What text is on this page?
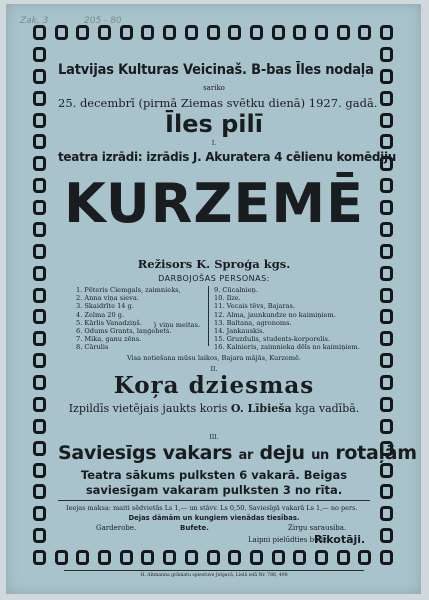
Zak. 3	205 - 80
Latvijas Kulturas Veicinaš. B-bas Īles nodaļa
sariko
25. decembrī (pirmā Ziemas svētku dienā) 1927. gadā.
Īles pilī
I.
teatra izrādi: izrādis J. Akuratera 4 cēlienu komēdiju
KURZEMĒ
Režisors K. Sproģa kgs.
DARBOJOŠAS PERSONAS:
1. Pēteris Ciemgals, zaimnieks,
2. Anna viņa sieva.
3. Skaidrīte 14 g.
4. Zelma 20 g.
5. Kārlis Vanadziņš.
6. Odums Grants, laņģebets.
7. Mika, ganu zēns.
8. Cārulis
} viņu meitas.
9. Cūcalnieņ.
10. Ilze.
11. Vecais tēvs, Bajaras.
12. Alma, jaunkundze no kaimiņiem.
13. Baltana, agronoms.
14. Jankauskis.
15. Gruzdulis, students-korporelis.
16. Kalnieris, zaimnieka dēls no kaimiņiem.
Visa notiešana mūsu laikos, Bajara mājās, Kurzemē.
II.
Koŗa dziesmas
Izpildīs vietējais jaukts koris O. Lībieša kga vadībā.
III.
Saviesīgs vakars ar deju un rotaļām
Teatra sākums pulksten 6 vakarā. Beigas
saviesīgam vakaram pulksten 3 no rīta.
Ieejas maksa: maiti sēdvietās Ls 1,— un stāvv. Ls 0,50. Saviesīgā vakarā Ls 1,— no pers.
Dejas dāmām un kungiem vienādas tiesības.
Garderobe.	Bufete.	Zirgu sarausiba.
Laipni pielūdties būdz
Rīkotāji.
H. Altmanna grāmatu spiestuve Jelgavā, Lielā ielā Nr. 786, 498
